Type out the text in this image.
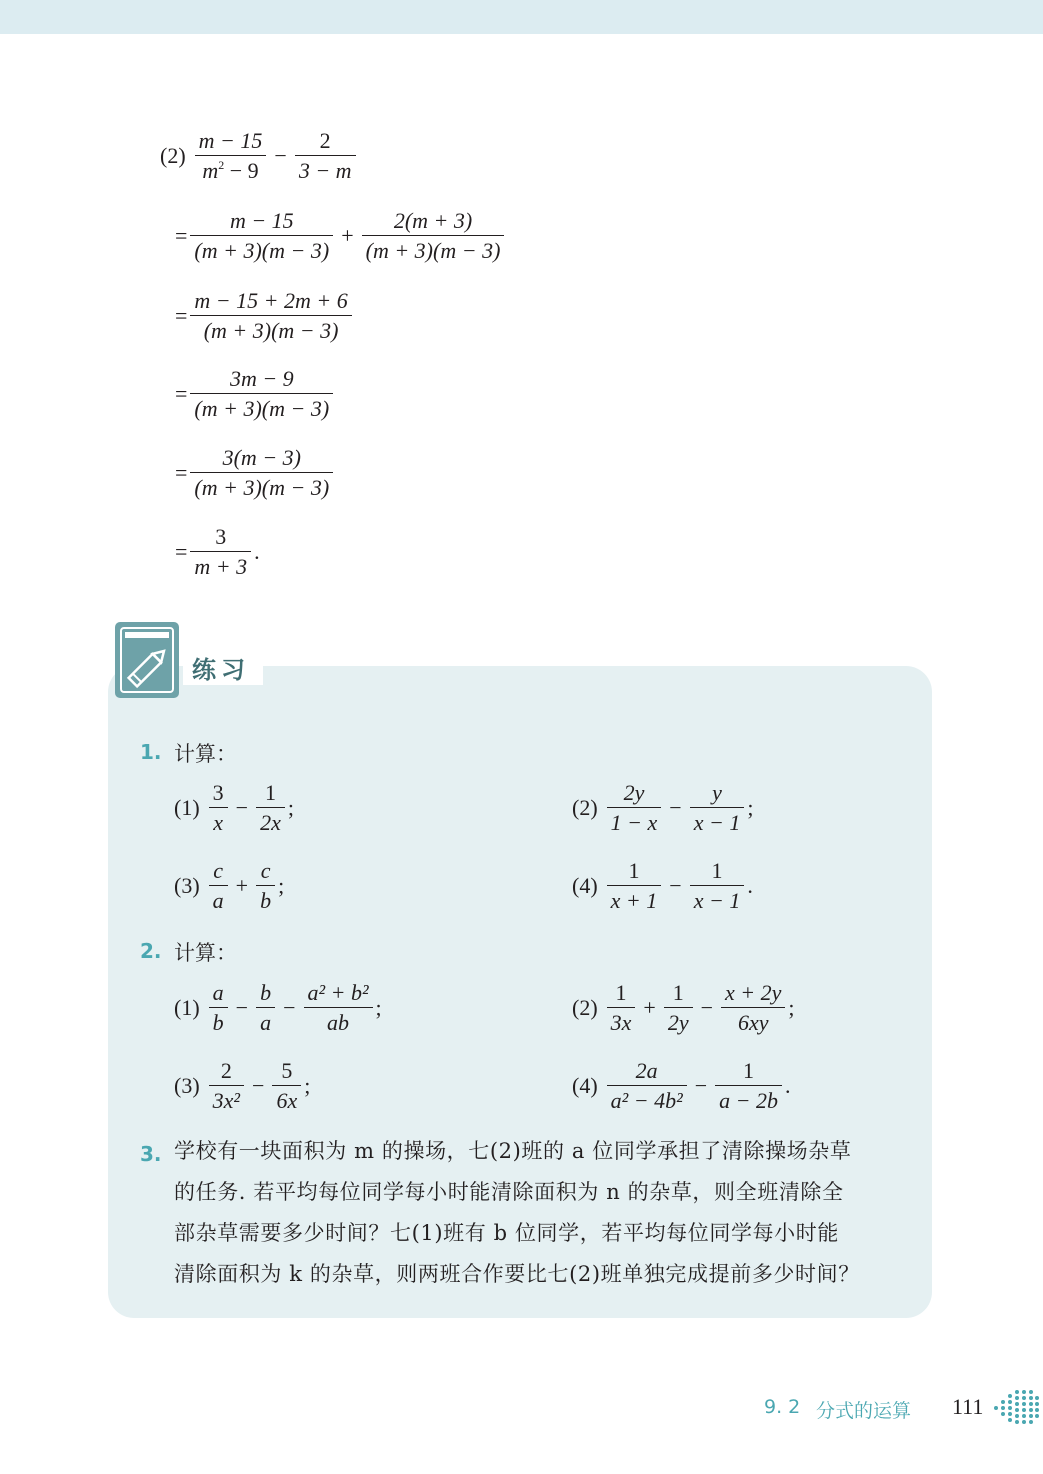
$(2) \frac{m - 15}{m^2 - 9} - \frac{2}{3 - m}$
= $\frac{m - 15}{(m + 3)(m - 3)} + \frac{2(m + 3)}{(m + 3)(m - 3)}$
= $\frac{m - 15 + 2m + 6}{(m + 3)(m - 3)}$
= $\frac{3m - 9}{(m + 3)(m - 3)}$
= $\frac{3(m - 3)}{(m + 3)(m - 3)}$
= $\frac{3}{m + 3}$ .
练习
1. 计算：
$(1) \frac{3}{x} - \frac{1}{2x}$ ;	$(2) \frac{2y}{1 - x} - \frac{y}{x - 1}$ ;
$(3) \frac{c}{a} + \frac{c}{b}$ ;	$(4) \frac{1}{x + 1} - \frac{1}{x - 1}$ .
2. 计算：
$(1) \frac{a}{b} - \frac{b}{a} - \frac{\text{a² + b²}}{ab}$ ;	$(2) \frac{1}{3x} + \frac{1}{2y} - \frac{x + 2y}{6xy}$ ;
$(3) \frac{2}{\text{3x²}} - \frac{5}{6x}$ ;	$(4) \frac{2a}{\text{a² − 4b²}} - \frac{1}{a - 2b}$ .
3. 学校有一块面积为 m 的操场，七(2)班的 a 位同学承担了清除操场杂草
的任务. 若平均每位同学每小时能清除面积为 n 的杂草，则全班清除全
部杂草需要多少时间？七(1)班有 b 位同学，若平均每位同学每小时能
清除面积为 k 的杂草，则两班合作要比七(2)班单独完成提前多少时间？
9. 2 分式的运算 111
